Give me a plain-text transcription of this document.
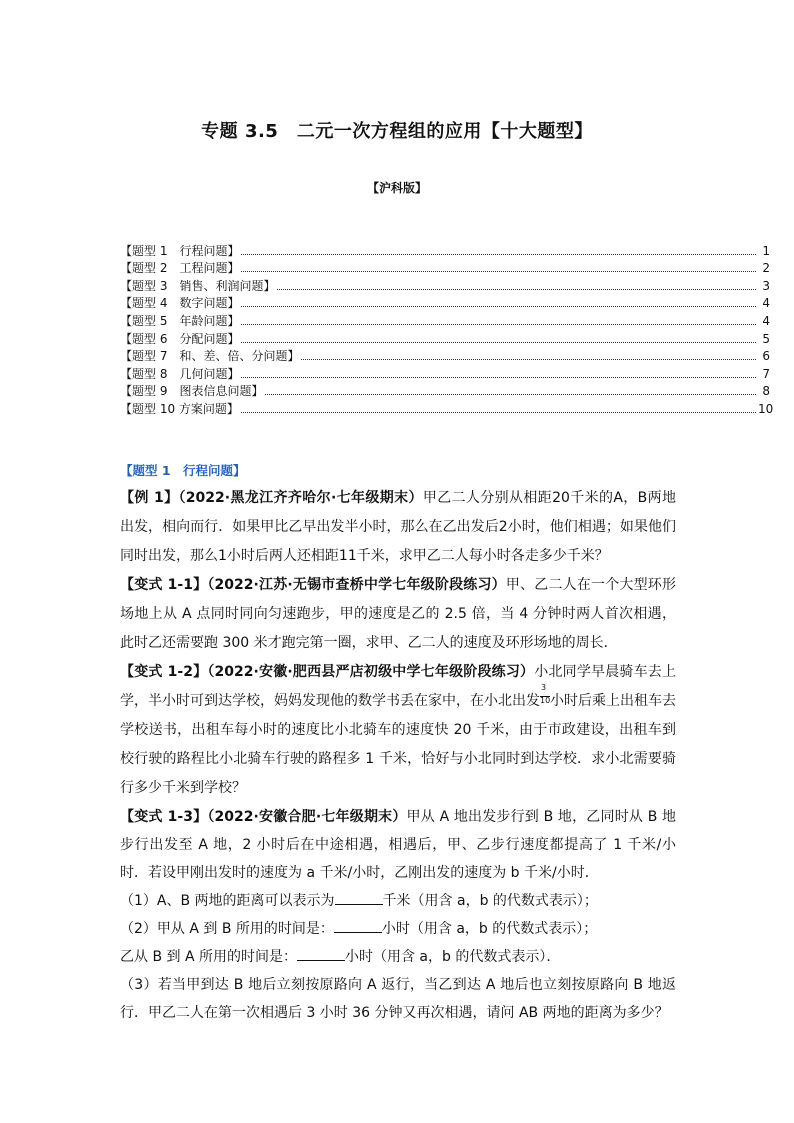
专题 3.5　二元一次方程组的应用【十大题型】
【沪科版】
【题型 1　行程问题】	1
【题型 2　工程问题】	2
【题型 3　销售、利润问题】	3
【题型 4　数字问题】	4
【题型 5　年龄问题】	4
【题型 6　分配问题】	5
【题型 7　和、差、倍、分问题】	6
【题型 8　几何问题】	7
【题型 9　图表信息问题】	8
【题型 10 方案问题】	10
【题型 1　行程问题】

【例 1】（2022·黑龙江齐齐哈尔·七年级期末）甲乙二人分别从相距20千米的A，B两地出发，相向而行．如果甲比乙早出发半小时，那么在乙出发后2小时，他们相遇；如果他们同时出发，那么1小时后两人还相距11千米，求甲乙二人每小时各走多少千米？

【变式 1-1】（2022·江苏·无锡市查桥中学七年级阶段练习）甲、乙二人在一个大型环形场地上从 A 点同时同向匀速跑步，甲的速度是乙的 2.5 倍，当 4 分钟时两人首次相遇，此时乙还需要跑 300 米才跑完第一圈，求甲、乙二人的速度及环形场地的周长．

【变式 1-2】（2022·安徽·肥西县严店初级中学七年级阶段练习）小北同学早晨骑车去上学，半小时可到达学校，妈妈发现他的数学书丢在家中，在小北出发 $\frac{3}{10}$ 小时后乘上出租车去学校送书，出租车每小时的速度比小北骑车的速度快 20 千米，由于市政建设，出租车到校行驶的路程比小北骑车行驶的路程多 1 千米，恰好与小北同时到达学校．求小北需要骑行多少千米到学校？

【变式 1-3】（2022·安徽合肥·七年级期末）甲从 A 地出发步行到 B 地，乙同时从 B 地步行出发至 A 地，2 小时后在中途相遇，相遇后，甲、乙步行速度都提高了 1 千米/小时．若设甲刚出发时的速度为 a 千米/小时，乙刚出发的速度为 b 千米/小时．

（1）A、B 两地的距离可以表示为	千米（用含 a，b 的代数式表示）；

（2）甲从 A 到 B 所用的时间是：	小时（用含 a，b 的代数式表示）；

乙从 B 到 A 所用的时间是：	小时（用含 a，b 的代数式表示）．

（3）若当甲到达 B 地后立刻按原路向 A 返行，当乙到达 A 地后也立刻按原路向 B 地返行．甲乙二人在第一次相遇后 3 小时 36 分钟又再次相遇，请问 AB 两地的距离为多少？
